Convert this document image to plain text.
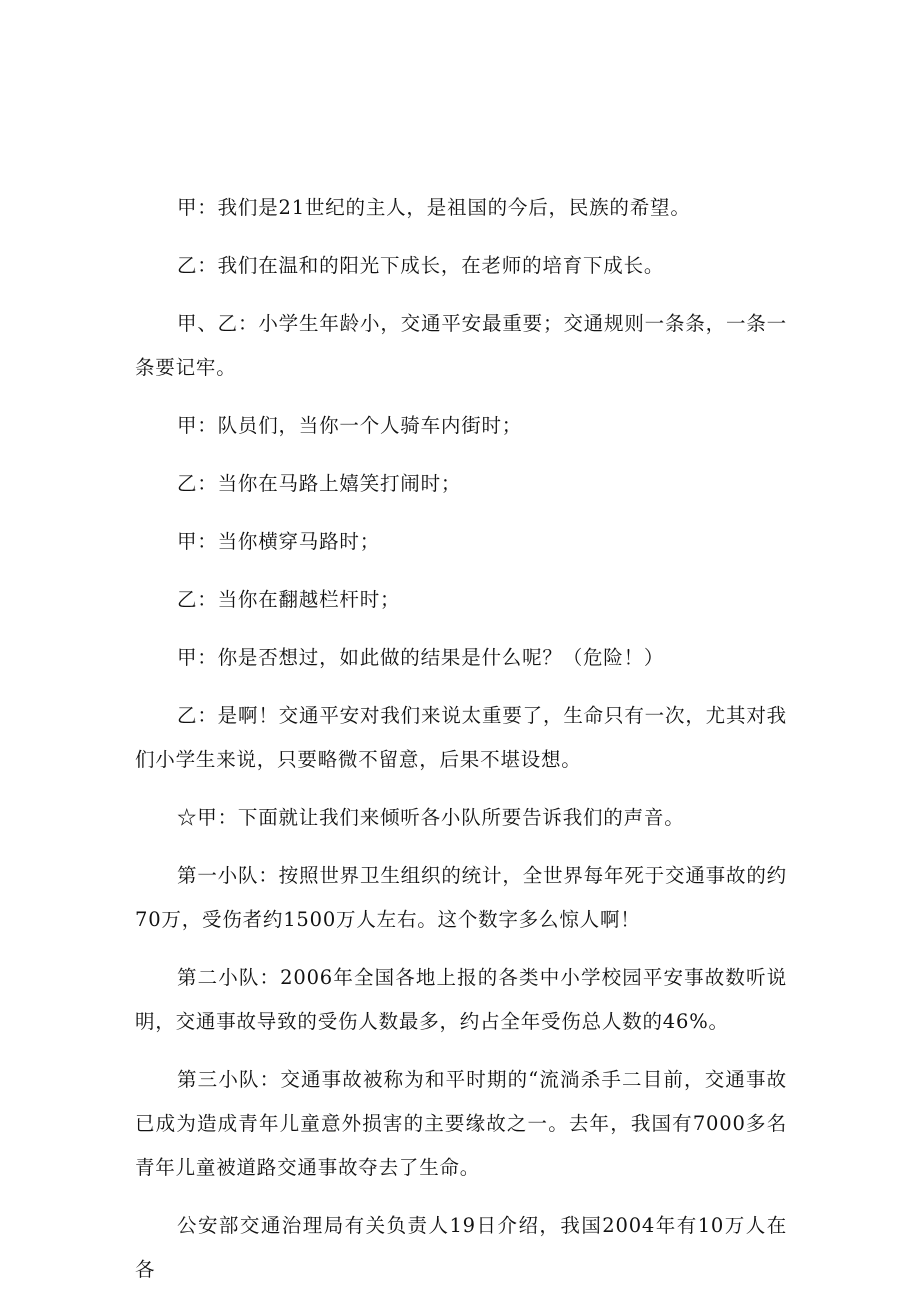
甲：我们是21世纪的主人，是祖国的今后，民族的希望。

乙：我们在温和的阳光下成长，在老师的培育下成长。

甲、乙：小学生年龄小，交通平安最重要；交通规则一条条，一条一条要记牢。

甲：队员们，当你一个人骑车内街时；

乙：当你在马路上嬉笑打闹时；

甲：当你横穿马路时；

乙：当你在翻越栏杆时；

甲：你是否想过，如此做的结果是什么呢？（危险！）

乙：是啊！交通平安对我们来说太重要了，生命只有一次，尤其对我们小学生来说，只要略微不留意，后果不堪设想。

☆甲：下面就让我们来倾听各小队所要告诉我们的声音。

第一小队：按照世界卫生组织的统计，全世界每年死于交通事故的约70万，受伤者约1500万人左右。这个数字多么惊人啊！

第二小队：2006年全国各地上报的各类中小学校园平安事故数听说明，交通事故导致的受伤人数最多，约占全年受伤总人数的46%。

第三小队：交通事故被称为和平时期的“流淌杀手二目前，交通事故已成为造成青年儿童意外损害的主要缘故之一。去年，我国有7000多名青年儿童被道路交通事故夺去了生命。

公安部交通治理局有关负责人19日介绍，我国2004年有10万人在各
